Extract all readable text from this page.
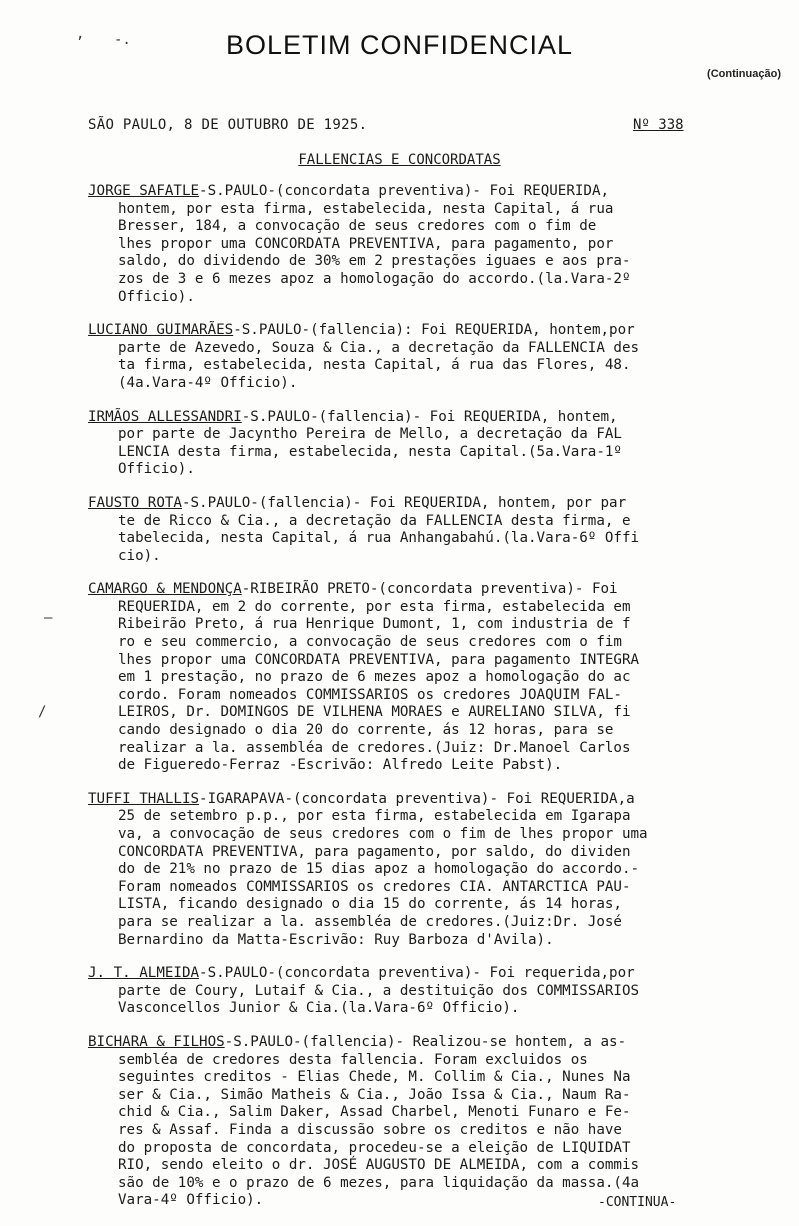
BOLETIM CONFIDENCIAL
(Continuação)
SÃO PAULO, 8 DE OUTUBRO DE 1925.	Nº 338
FALLENCIAS E CONCORDATAS
, -.
—
/

JORGE SAFATLE-S.PAULO-(concordata preventiva)- Foi REQUERIDA,

hontem, por esta firma, estabelecida, nesta Capital, á rua

Bresser, 184, a convocação de seus credores com o fim de

lhes propor uma CONCORDATA PREVENTIVA, para pagamento, por

saldo, do dividendo de 30% em 2 prestações iguaes e aos pra-

zos de 3 e 6 mezes apoz a homologação do accordo.(la.Vara-2º

Officio).

LUCIANO GUIMARÃES-S.PAULO-(fallencia): Foi REQUERIDA, hontem,por

parte de Azevedo, Souza & Cia., a decretação da FALLENCIA des

ta firma, estabelecida, nesta Capital, á rua das Flores, 48.

(4a.Vara-4º Officio).

IRMÃOS ALLESSANDRI-S.PAULO-(fallencia)- Foi REQUERIDA, hontem,

por parte de Jacyntho Pereira de Mello, a decretação da FAL

LENCIA desta firma, estabelecida, nesta Capital.(5a.Vara-1º

Officio).

FAUSTO ROTA-S.PAULO-(fallencia)- Foi REQUERIDA, hontem, por par

te de Ricco & Cia., a decretação da FALLENCIA desta firma, e

tabelecida, nesta Capital, á rua Anhangabahú.(la.Vara-6º Offi

cio).

CAMARGO & MENDONÇA-RIBEIRÃO PRETO-(concordata preventiva)- Foi

REQUERIDA, em 2 do corrente, por esta firma, estabelecida em

Ribeirão Preto, á rua Henrique Dumont, 1, com industria de f

ro e seu commercio, a convocação de seus credores com o fim

lhes propor uma CONCORDATA PREVENTIVA, para pagamento INTEGRA

em 1 prestação, no prazo de 6 mezes apoz a homologação do ac

cordo. Foram nomeados COMMISSARIOS os credores JOAQUIM FAL-

LEIROS, Dr. DOMINGOS DE VILHENA MORAES e AURELIANO SILVA, fi

cando designado o dia 20 do corrente, ás 12 horas, para se

realizar a la. assembléa de credores.(Juiz: Dr.Manoel Carlos

de Figueredo-Ferraz -Escrivão: Alfredo Leite Pabst).

TUFFI THALLIS-IGARAPAVA-(concordata preventiva)- Foi REQUERIDA,a

25 de setembro p.p., por esta firma, estabelecida em Igarapa

va, a convocação de seus credores com o fim de lhes propor uma

CONCORDATA PREVENTIVA, para pagamento, por saldo, do dividen

do de 21% no prazo de 15 dias apoz a homologação do accordo.-

Foram nomeados COMMISSARIOS os credores CIA. ANTARCTICA PAU-

LISTA, ficando designado o dia 15 do corrente, ás 14 horas,

para se realizar a la. assembléa de credores.(Juiz:Dr. José

Bernardino da Matta-Escrivão: Ruy Barboza d'Avila).

J. T. ALMEIDA-S.PAULO-(concordata preventiva)- Foi requerida,por

parte de Coury, Lutaif & Cia., a destituição dos COMMISSARIOS

Vasconcellos Junior & Cia.(la.Vara-6º Officio).

BICHARA & FILHOS-S.PAULO-(fallencia)- Realizou-se hontem, a as-

sembléa de credores desta fallencia. Foram excluidos os

seguintes creditos - Elias Chede, M. Collim & Cia., Nunes Na

ser & Cia., Simão Matheis & Cia., João Issa & Cia., Naum Ra-

chid & Cia., Salim Daker, Assad Charbel, Menoti Funaro e Fe-

res & Assaf. Finda a discussão sobre os creditos e não have

do proposta de concordata, procedeu-se a eleição de LIQUIDAT

RIO, sendo eleito o dr. JOSÉ AUGUSTO DE ALMEIDA, com a commis

são de 10% e o prazo de 6 mezes, para liquidação da massa.(4a

Vara-4º Officio).	-CONTINUA-
